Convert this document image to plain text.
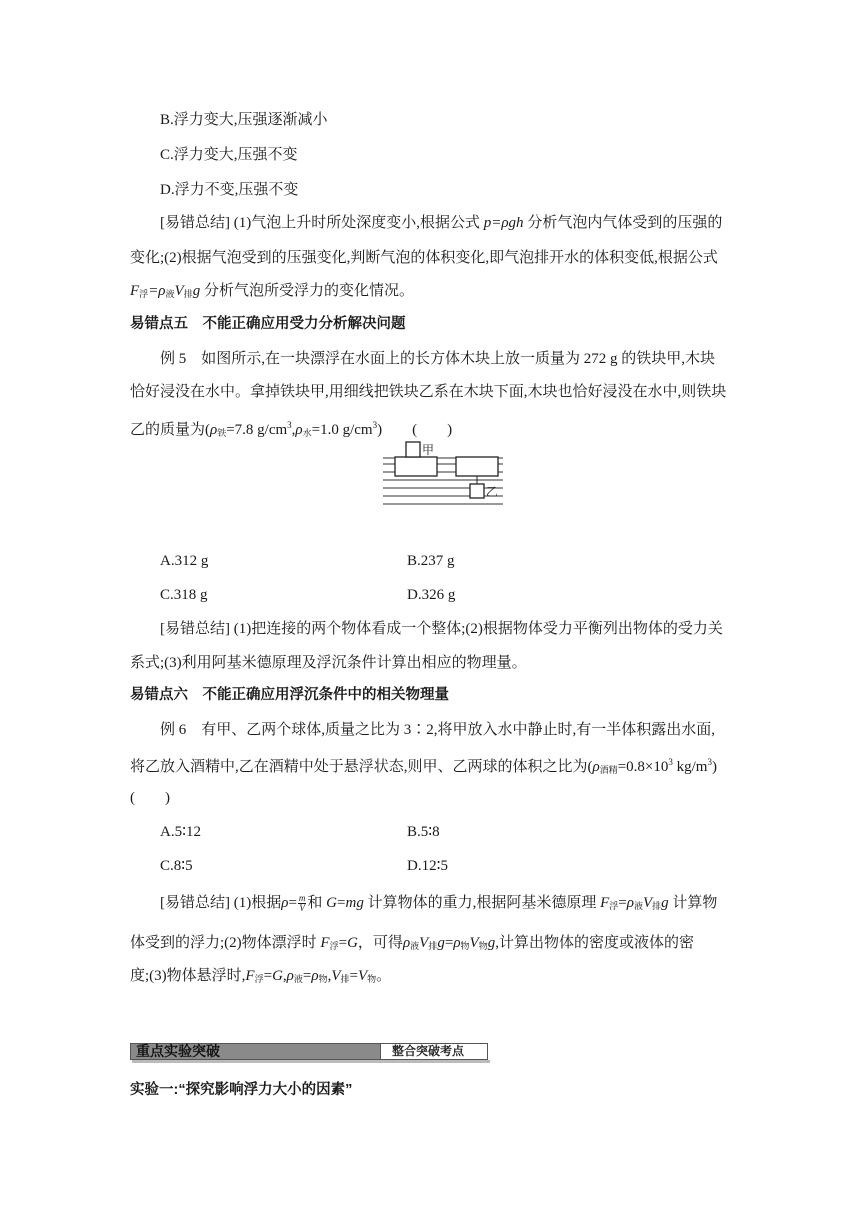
B.浮力变大,压强逐渐减小
C.浮力变大,压强不变
D.浮力不变,压强不变
[易错总结] (1)气泡上升时所处深度变小,根据公式 p=ρgh 分析气泡内气体受到的压强的
变化;(2)根据气泡受到的压强变化,判断气泡的体积变化,即气泡排开水的体积变低,根据公式
$F_浮=\rho_液V_排g$ 分析气泡所受浮力的变化情况。
易错点五　不能正确应用受力分析解决问题
例 5　如图所示,在一块漂浮在水面上的长方体木块上放一质量为 272 g 的铁块甲,木块
恰好浸没在水中。拿掉铁块甲,用细线把铁块乙系在木块下面,木块也恰好浸没在水中,则铁块
乙的质量为($\rho_铁=7.8$ $g/cm^3,\rho_水=1.0$ $g/cm^3$)　　(　　)
甲
乙
A.312 g	B.237 g
C.318 g	D.326 g
[易错总结] (1)把连接的两个物体看成一个整体;(2)根据物体受力平衡列出物体的受力关
系式;(3)利用阿基米德原理及浮沉条件计算出相应的物理量。
易错点六　不能正确应用浮沉条件中的相关物理量
例 6　有甲、乙两个球体,质量之比为 3∶2,将甲放入水中静止时,有一半体积露出水面,
将乙放入酒精中,乙在酒精中处于悬浮状态,则甲、乙两球的体积之比为($\rho_{酒精}=0.8\times 10^3$ $kg/m^3$)
(　　)
A.5∶12	B.5∶8
C.8∶5	D.12∶5
[易错总结] (1)根据$\rho= \frac{m}{V}$ 和 G=mg 计算物体的重力,根据阿基米德原理 $F_浮=\rho_液V_排g$ 计算物
体受到的浮力;(2)物体漂浮时 $F_浮=G$，可得$\rho_液V_排g=\rho_物V_物g$,计算出物体的密度或液体的密
度;(3)物体悬浮时$,F_浮=G,\rho_液=\rho_物,V_排=V_物$。
重点实验突破	整合突破考点
实验一:“探究影响浮力大小的因素”
